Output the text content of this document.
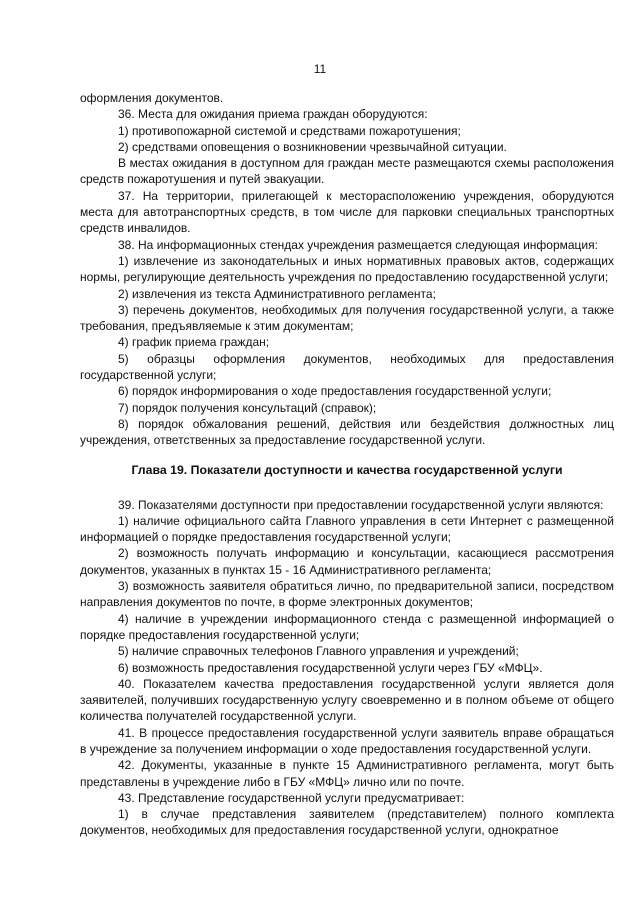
11

оформления документов.

36. Места для ожидания приема граждан оборудуются:

1) противопожарной системой и средствами пожаротушения;

2) средствами оповещения о возникновении чрезвычайной ситуации.

В местах ожидания в доступном для граждан месте размещаются схемы расположения средств пожаротушения и путей эвакуации.

37. На территории, прилегающей к месторасположению учреждения, оборудуются места для автотранспортных средств, в том числе для парковки специальных транспортных средств инвалидов.

38. На информационных стендах учреждения размещается следующая информация:

1) извлечение из законодательных и иных нормативных правовых актов, содержащих нормы, регулирующие деятельность учреждения по предоставлению государственной услуги;

2) извлечения из текста Административного регламента;

3) перечень документов, необходимых для получения государственной услуги, а также требования, предъявляемые к этим документам;

4) график приема граждан;

5) образцы оформления документов, необходимых для предоставления государственной услуги;

6) порядок информирования о ходе предоставления государственной услуги;

7) порядок получения консультаций (справок);

8) порядок обжалования решений, действия или бездействия должностных лиц учреждения, ответственных за предоставление государственной услуги.

Глава 19. Показатели доступности и качества государственной услуги

39. Показателями доступности при предоставлении государственной услуги являются:

1) наличие официального сайта Главного управления в сети Интернет с размещенной информацией о порядке предоставления государственной услуги;

2) возможность получать информацию и консультации, касающиеся рассмотрения документов, указанных в пунктах 15 - 16 Административного регламента;

3) возможность заявителя обратиться лично, по предварительной записи, посредством направления документов по почте, в форме электронных документов;

4) наличие в учреждении информационного стенда с размещенной информацией о порядке предоставления государственной услуги;

5) наличие справочных телефонов Главного управления и учреждений;

6) возможность предоставления государственной услуги через ГБУ «МФЦ».

40. Показателем качества предоставления государственной услуги является доля заявителей, получивших государственную услугу своевременно и в полном объеме от общего количества получателей государственной услуги.

41. В процессе предоставления государственной услуги заявитель вправе обращаться в учреждение за получением информации о ходе предоставления государственной услуги.

42. Документы, указанные в пункте 15 Административного регламента, могут быть представлены в учреждение либо в ГБУ «МФЦ» лично или по почте.

43. Представление государственной услуги предусматривает:

1) в случае представления заявителем (представителем) полного комплекта документов, необходимых для предоставления государственной услуги, однократное
